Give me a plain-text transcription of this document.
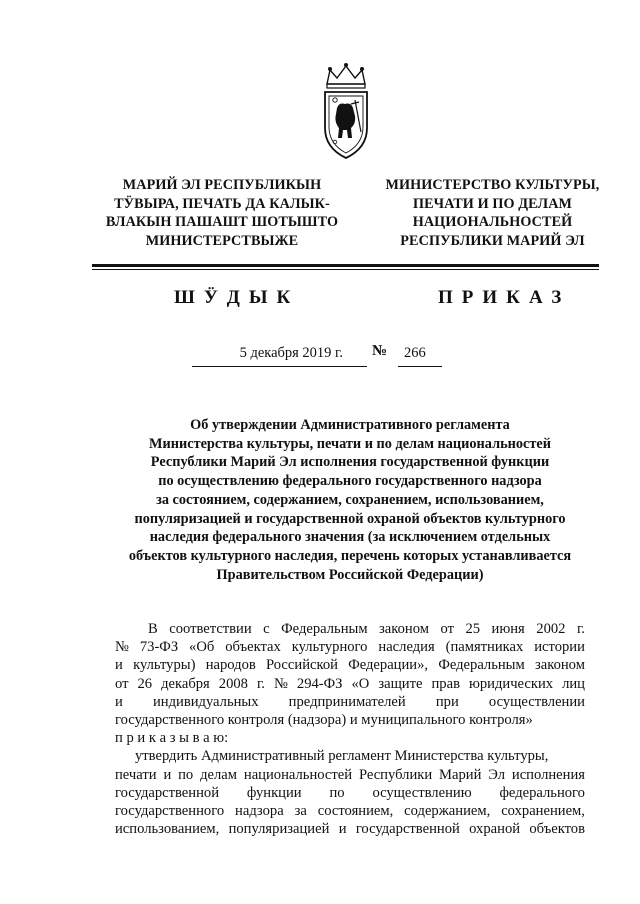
МАРИЙ ЭЛ РЕСПУБЛИКЫН
ТӰВЫРА, ПЕЧАТЬ ДА КАЛЫК-
ВЛАКЫН ПАШАШТ ШОТЫШТО
МИНИСТЕРСТВЫЖЕ
МИНИСТЕРСТВО КУЛЬТУРЫ,
ПЕЧАТИ И ПО ДЕЛАМ
НАЦИОНАЛЬНОСТЕЙ
РЕСПУБЛИКИ МАРИЙ ЭЛ
ШӰДЫК	ПРИКАЗ
5 декабря 2019 г. № 266
Об утверждении Административного регламента
Министерства культуры, печати и по делам национальностей
Республики Марий Эл исполнения государственной функции
по осуществлению федерального государственного надзора
за состоянием, содержанием, сохранением, использованием,
популяризацией и государственной охраной объектов культурного
наследия федерального значения (за исключением отдельных
объектов культурного наследия, перечень которых устанавливается
Правительством Российской Федерации)
В соответствии с Федеральным законом от 25 июня 2002 г.
№ 73-ФЗ «Об объектах культурного наследия (памятниках истории
и культуры) народов Российской Федерации», Федеральным законом
от 26 декабря 2008 г. № 294-ФЗ «О защите прав юридических лиц
и индивидуальных предпринимателей при осуществлении
государственного контроля (надзора) и муниципального контроля»
п р и к а з ы в а ю:
утвердить Административный регламент Министерства культуры,
печати и по делам национальностей Республики Марий Эл исполнения
государственной функции по осуществлению федерального
государственного надзора за состоянием, содержанием, сохранением,
использованием, популяризацией и государственной охраной объектов
